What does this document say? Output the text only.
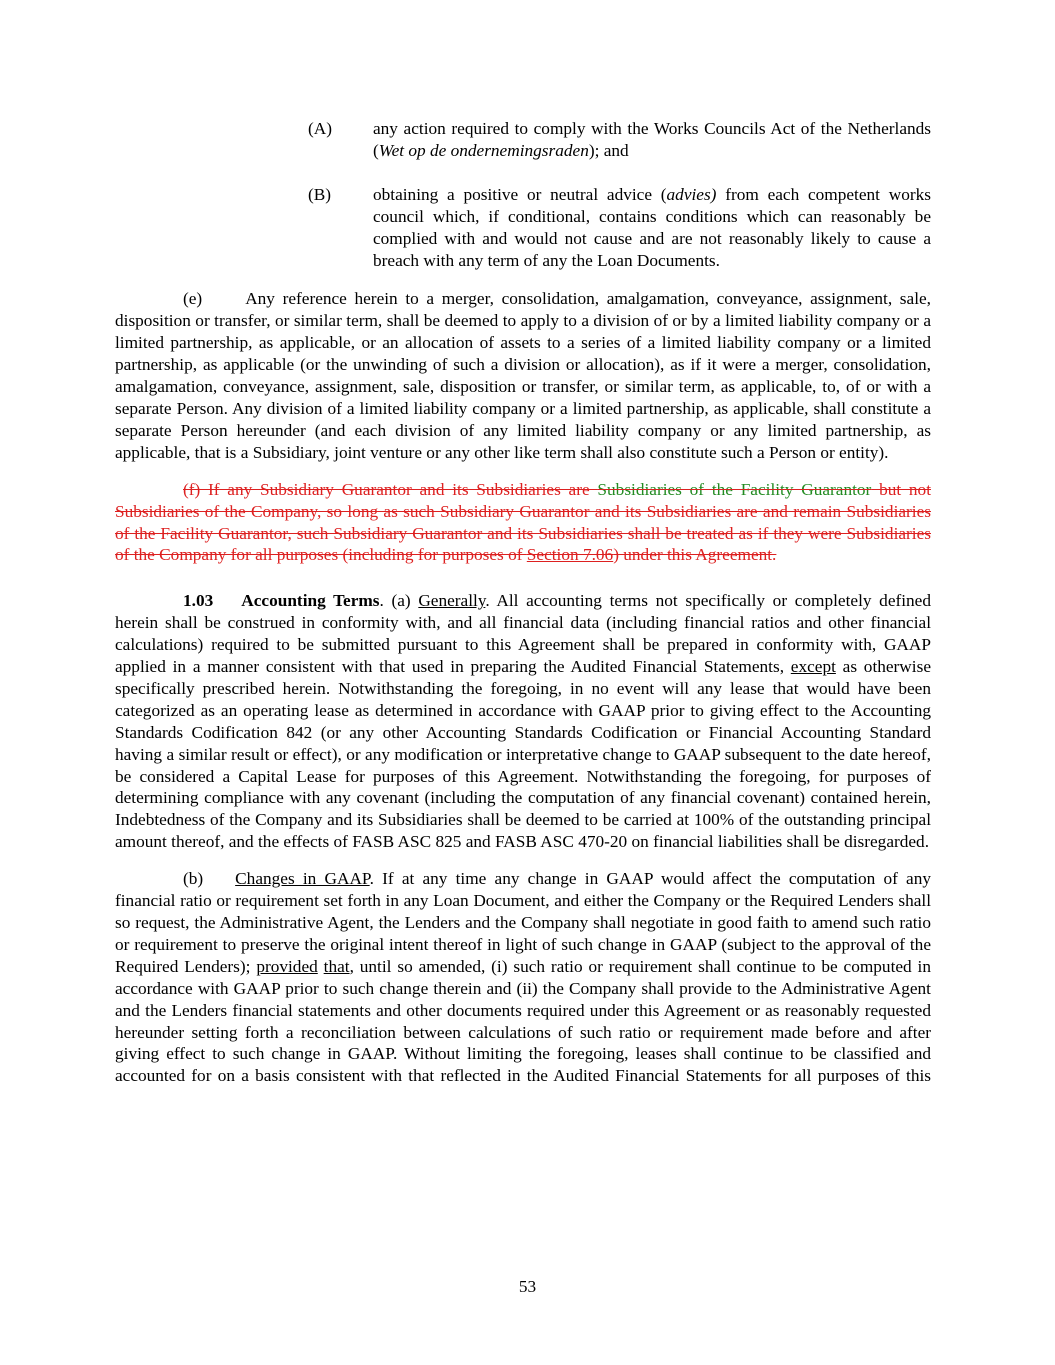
(A) any action required to comply with the Works Councils Act of the Netherlands (Wet op de ondernemingsraden); and
(B) obtaining a positive or neutral advice (advies) from each competent works council which, if conditional, contains conditions which can reasonably be complied with and would not cause and are not reasonably likely to cause a breach with any term of any the Loan Documents.
(e) Any reference herein to a merger, consolidation, amalgamation, conveyance, assignment, sale, disposition or transfer, or similar term, shall be deemed to apply to a division of or by a limited liability company or a limited partnership, as applicable, or an allocation of assets to a series of a limited liability company or a limited partnership, as applicable (or the unwinding of such a division or allocation), as if it were a merger, consolidation, amalgamation, conveyance, assignment, sale, disposition or transfer, or similar term, as applicable, to, of or with a separate Person. Any division of a limited liability company or a limited partnership, as applicable, shall constitute a separate Person hereunder (and each division of any limited liability company or any limited partnership, as applicable, that is a Subsidiary, joint venture or any other like term shall also constitute such a Person or entity).
(f) If any Subsidiary Guarantor and its Subsidiaries are Subsidiaries of the Facility Guarantor but not Subsidiaries of the Company, so long as such Subsidiary Guarantor and its Subsidiaries are and remain Subsidiaries of the Facility Guarantor, such Subsidiary Guarantor and its Subsidiaries shall be treated as if they were Subsidiaries of the Company for all purposes (including for purposes of Section 7.06) under this Agreement.
1.03 Accounting Terms. (a) Generally. All accounting terms not specifically or completely defined herein shall be construed in conformity with, and all financial data (including financial ratios and other financial calculations) required to be submitted pursuant to this Agreement shall be prepared in conformity with, GAAP applied in a manner consistent with that used in preparing the Audited Financial Statements, except as otherwise specifically prescribed herein. Notwithstanding the foregoing, in no event will any lease that would have been categorized as an operating lease as determined in accordance with GAAP prior to giving effect to the Accounting Standards Codification 842 (or any other Accounting Standards Codification or Financial Accounting Standard having a similar result or effect), or any modification or interpretative change to GAAP subsequent to the date hereof, be considered a Capital Lease for purposes of this Agreement. Notwithstanding the foregoing, for purposes of determining compliance with any covenant (including the computation of any financial covenant) contained herein, Indebtedness of the Company and its Subsidiaries shall be deemed to be carried at 100% of the outstanding principal amount thereof, and the effects of FASB ASC 825 and FASB ASC 470-20 on financial liabilities shall be disregarded.
(b) Changes in GAAP. If at any time any change in GAAP would affect the computation of any financial ratio or requirement set forth in any Loan Document, and either the Company or the Required Lenders shall so request, the Administrative Agent, the Lenders and the Company shall negotiate in good faith to amend such ratio or requirement to preserve the original intent thereof in light of such change in GAAP (subject to the approval of the Required Lenders); provided that, until so amended, (i) such ratio or requirement shall continue to be computed in accordance with GAAP prior to such change therein and (ii) the Company shall provide to the Administrative Agent and the Lenders financial statements and other documents required under this Agreement or as reasonably requested hereunder setting forth a reconciliation between calculations of such ratio or requirement made before and after giving effect to such change in GAAP. Without limiting the foregoing, leases shall continue to be classified and accounted for on a basis consistent with that reflected in the Audited Financial Statements for all purposes of this
53
